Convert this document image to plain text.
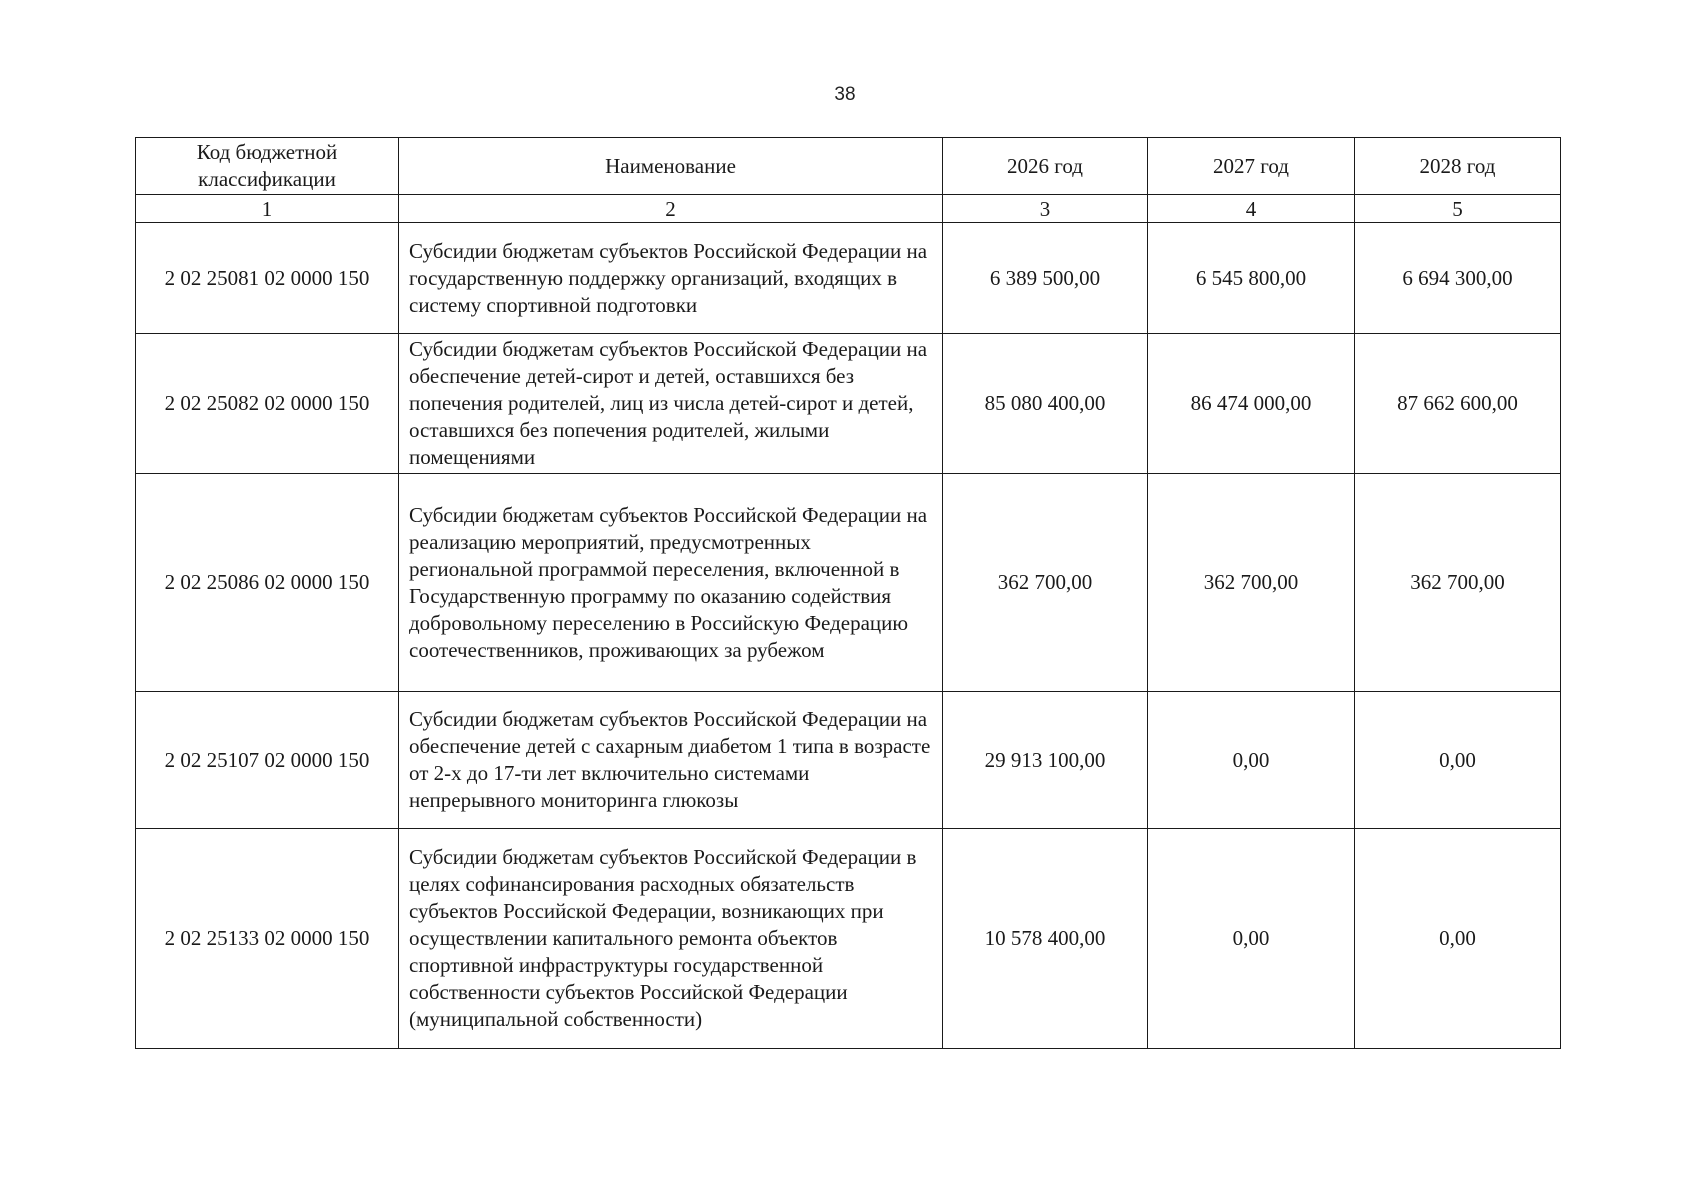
38
Код бюджетной классификации	Наименование	2026 год	2027 год	2028 год
1	2	3	4	5
2 02 25081 02 0000 150	Субсидии бюджетам субъектов Российской Федерации на государственную поддержку организаций, входящих в систему спортивной подготовки	6 389 500,00	6 545 800,00	6 694 300,00
2 02 25082 02 0000 150	Субсидии бюджетам субъектов Российской Федерации на обеспечение детей-сирот и детей, оставшихся без попечения родителей, лиц из числа детей-сирот и детей, оставшихся без попечения родителей, жилыми помещениями	85 080 400,00	86 474 000,00	87 662 600,00
2 02 25086 02 0000 150	Субсидии бюджетам субъектов Российской Федерации на реализацию мероприятий, предусмотренных региональной программой переселения, включенной в Государственную программу по оказанию содействия добровольному переселению в Российскую Федерацию соотечественников, проживающих за рубежом	362 700,00	362 700,00	362 700,00
2 02 25107 02 0000 150	Субсидии бюджетам субъектов Российской Федерации на обеспечение детей с сахарным диабетом 1 типа в возрасте от 2-х до 17-ти лет включительно системами непрерывного мониторинга глюкозы	29 913 100,00	0,00	0,00
2 02 25133 02 0000 150	Субсидии бюджетам субъектов Российской Федерации в целях софинансирования расходных обязательств субъектов Российской Федерации, возникающих при осуществлении капитального ремонта объектов спортивной инфраструктуры государственной собственности субъектов Российской Федерации (муниципальной собственности)	10 578 400,00	0,00	0,00
